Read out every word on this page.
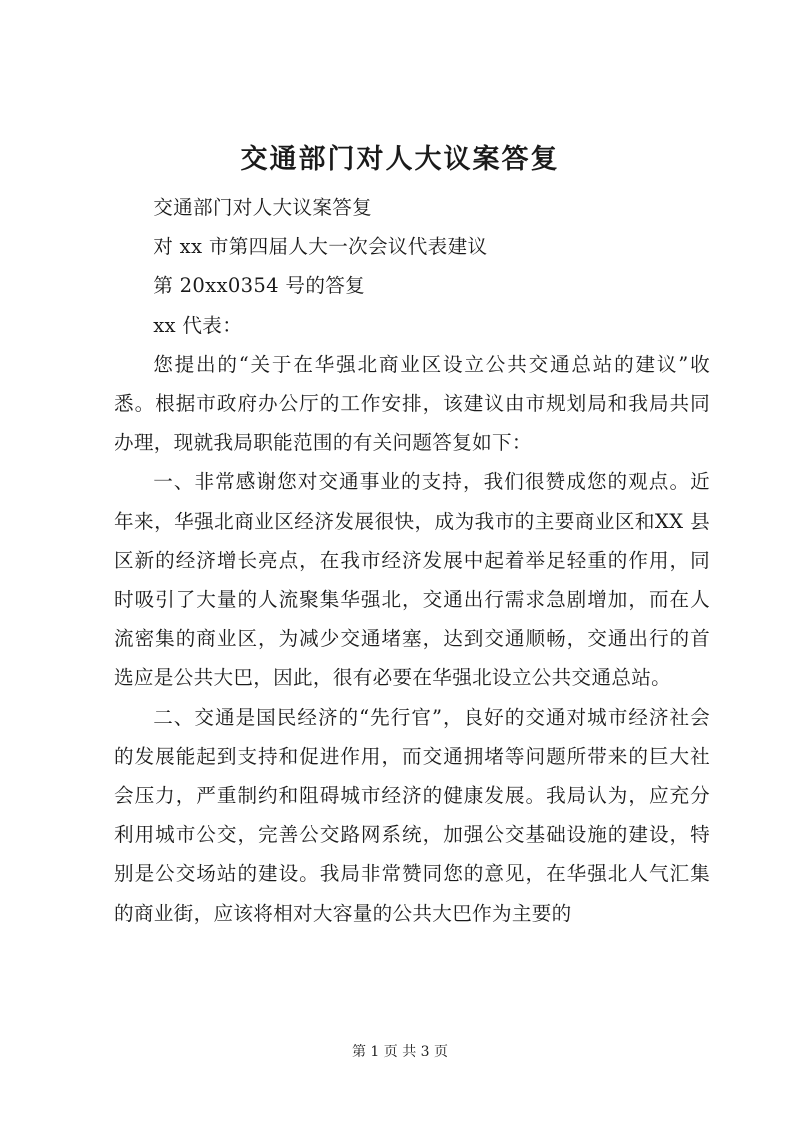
交通部门对人大议案答复

交通部门对人大议案答复

对 xx 市第四届人大一次会议代表建议

第 20xx0354 号的答复

xx 代表：

您提出的“关于在华强北商业区设立公共交通总站的建议”收悉。根据市政府办公厅的工作安排，该建议由市规划局和我局共同办理，现就我局职能范围的有关问题答复如下：

一、非常感谢您对交通事业的支持，我们很赞成您的观点。近年来，华强北商业区经济发展很快，成为我市的主要商业区和XX 县区新的经济增长亮点，在我市经济发展中起着举足轻重的作用，同时吸引了大量的人流聚集华强北，交通出行需求急剧增加，而在人流密集的商业区，为减少交通堵塞，达到交通顺畅，交通出行的首选应是公共大巴，因此，很有必要在华强北设立公共交通总站。

二、交通是国民经济的“先行官”，良好的交通对城市经济社会的发展能起到支持和促进作用，而交通拥堵等问题所带来的巨大社会压力，严重制约和阻碍城市经济的健康发展。我局认为，应充分利用城市公交，完善公交路网系统，加强公交基础设施的建设，特别是公交场站的建设。我局非常赞同您的意见，在华强北人气汇集的商业街，应该将相对大容量的公共大巴作为主要的

第 1 页 共 3 页
